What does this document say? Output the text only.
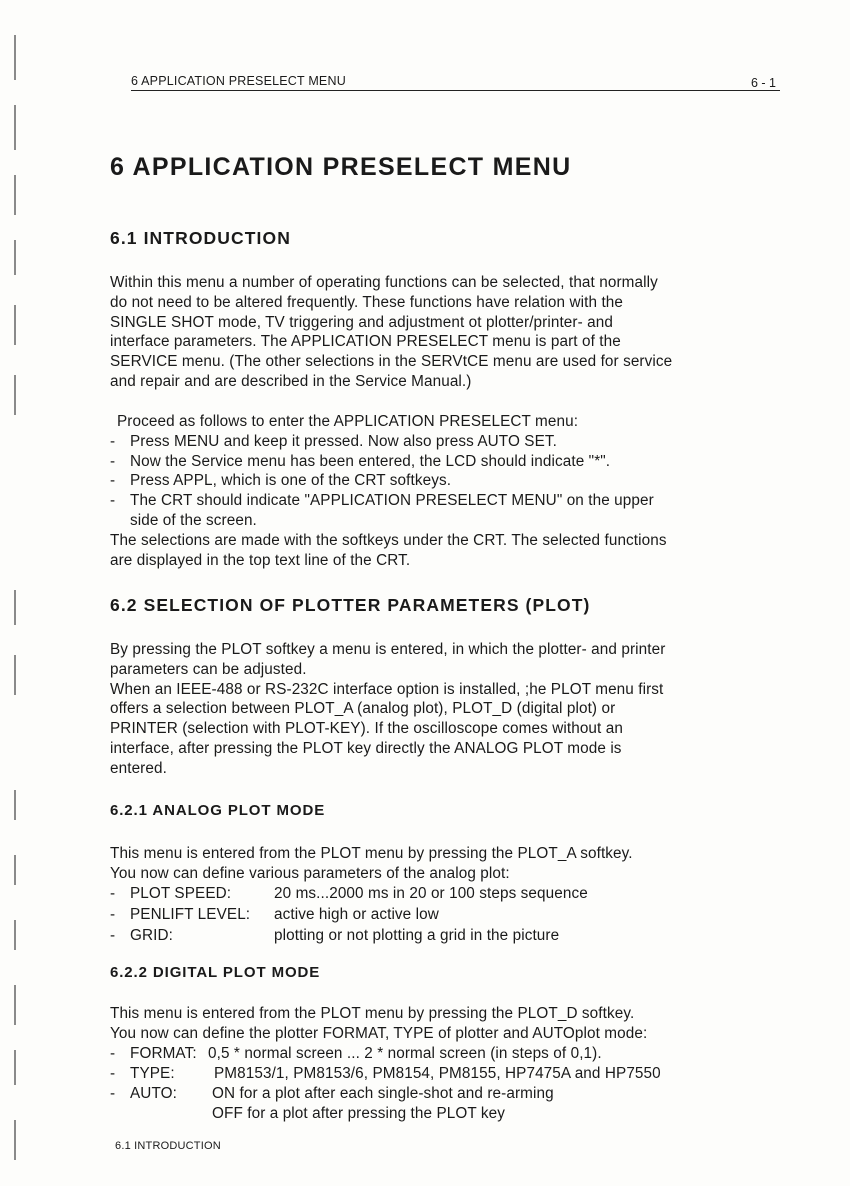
6 APPLICATION PRESELECT MENU	6 - 1
6 APPLICATION PRESELECT MENU
6.1 INTRODUCTION
Within this menu a number of operating functions can be selected, that normally
do not need to be altered frequently. These functions have relation with the
SINGLE SHOT mode, TV triggering and adjustment ot plotter/printer- and
interface parameters. The APPLICATION PRESELECT menu is part of the
SERVICE menu. (The other selections in the SERVtCE menu are used for service
and repair and are described in the Service Manual.)
Proceed as follows to enter the APPLICATION PRESELECT menu:
- Press MENU and keep it pressed. Now also press AUTO SET.
- Now the Service menu has been entered, the LCD should indicate "*".
- Press APPL, which is one of the CRT softkeys.
- The CRT should indicate "APPLICATION PRESELECT MENU" on the upper
side of the screen.
The selections are made with the softkeys under the CRT. The selected functions
are displayed in the top text line of the CRT.
6.2 SELECTION OF PLOTTER PARAMETERS (PLOT)
By pressing the PLOT softkey a menu is entered, in which the plotter- and printer
parameters can be adjusted.
When an IEEE-488 or RS-232C interface option is installed, ;he PLOT menu first
offers a selection between PLOT_A (analog plot), PLOT_D (digital plot) or
PRINTER (selection with PLOT-KEY). If the oscilloscope comes without an
interface, after pressing the PLOT key directly the ANALOG PLOT mode is
entered.
6.2.1 ANALOG PLOT MODE
This menu is entered from the PLOT menu by pressing the PLOT_A softkey.
You now can define various parameters of the analog plot:
- PLOT SPEED:	20 ms...2000 ms in 20 or 100 steps sequence
- PENLIFT LEVEL: active high or active low
- GRID:	plotting or not plotting a grid in the picture
6.2.2 DIGITAL PLOT MODE
This menu is entered from the PLOT menu by pressing the PLOT_D softkey.
You now can define the plotter FORMAT, TYPE of plotter and AUTOplot mode:
- FORMAT: 0,5 * normal screen ... 2 * normal screen (in steps of 0,1).
- TYPE:	PM8153/1, PM8153/6, PM8154, PM8155, HP7475A and HP7550
- AUTO: ON for a plot after each single-shot and re-arming
OFF for a plot after pressing the PLOT key
6.1 INTRODUCTION
